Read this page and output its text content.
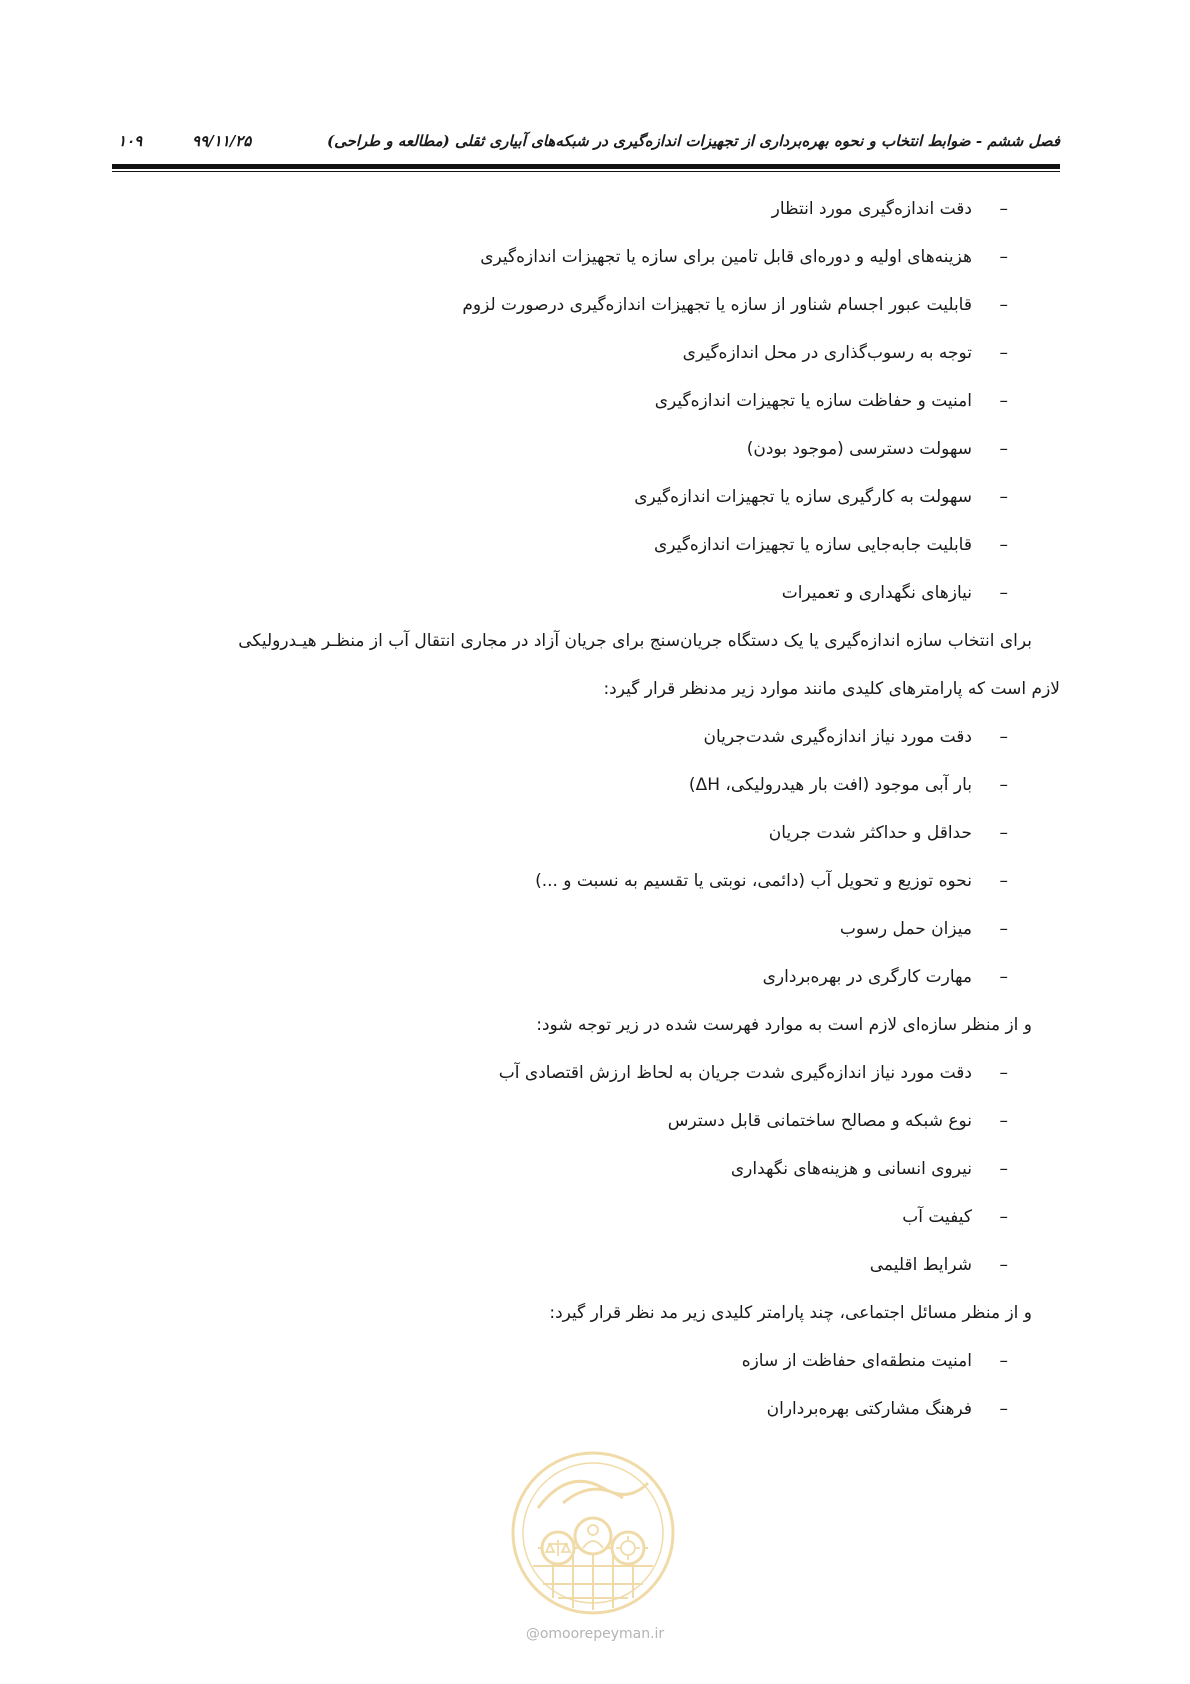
فصل ششم - ضوابط انتخاب و نحوه بهره‌برداری از تجهیزات اندازه‌گیری در شبکه‌های آبیاری ثقلی (مطالعه و طراحی)
۹۹/۱۱/۲۵
۱۰۹
–
دقت اندازه‌گیری مورد انتظار
–
هزینه‌های اولیه و دوره‌ای قابل تامین برای سازه یا تجهیزات اندازه‌گیری
–
قابلیت عبور اجسام شناور از سازه یا تجهیزات اندازه‌گیری درصورت لزوم
–
توجه به رسوب‌گذاری در محل اندازه‌گیری
–
امنیت و حفاظت سازه یا تجهیزات اندازه‌گیری
–
سهولت دسترسی (موجود بودن)
–
سهولت به کارگیری سازه یا تجهیزات اندازه‌گیری
–
قابلیت جابه‌جایی سازه یا تجهیزات اندازه‌گیری
–
نیازهای نگهداری و تعمیرات
برای انتخاب سازه اندازه‌گیری یا یک دستگاه جریان‌سنج برای جریان آزاد در مجاری انتقال آب از منظـر هیـدرولیکی
لازم است که پارامترهای کلیدی مانند موارد زیر مدنظر قرار گیرد:
–
دقت مورد نیاز اندازه‌گیری شدت‌جریان
–
بار آبی موجود (افت بار هیدرولیکی، ΔH)
–
حداقل و حداکثر شدت جریان
–
نحوه توزیع و تحویل آب (دائمی، نوبتی یا تقسیم به نسبت و ...)
–
میزان حمل رسوب
–
مهارت کارگری در بهره‌برداری
و از منظر سازه‌ای لازم است به موارد فهرست شده در زیر توجه شود:
–
دقت مورد نیاز اندازه‌گیری شدت جریان به لحاظ ارزش اقتصادی آب
–
نوع شبکه و مصالح ساختمانی قابل دسترس
–
نیروی انسانی و هزینه‌های نگهداری
–
کیفیت آب
–
شرایط اقلیمی
و از منظر مسائل اجتماعی، چند پارامتر کلیدی زیر مد نظر قرار گیرد:
–
امنیت منطقه‌ای حفاظت از سازه
–
فرهنگ مشارکتی بهره‌برداران
@omoorepeyman.ir
